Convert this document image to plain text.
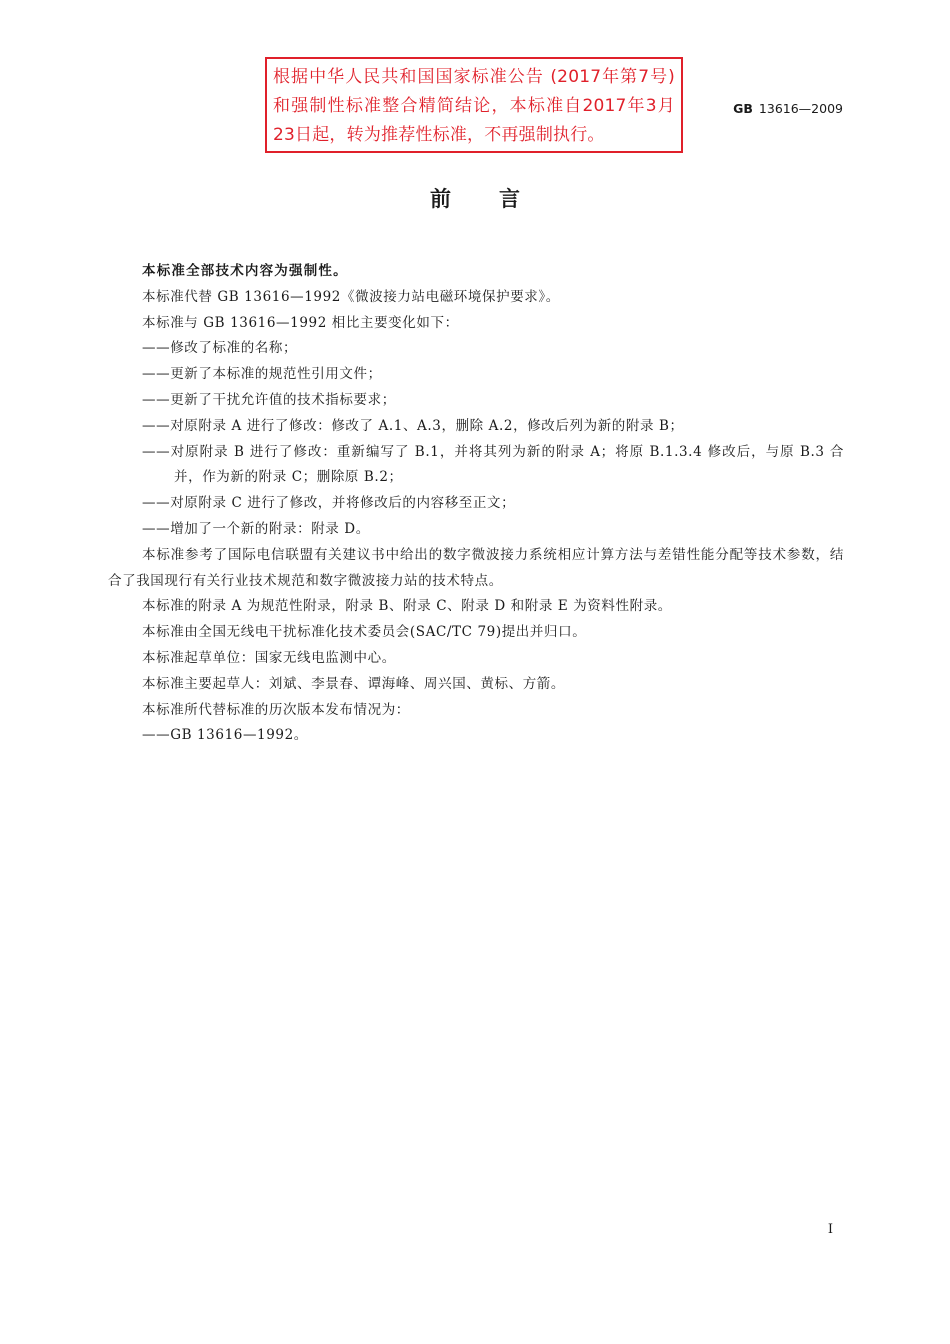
根据中华人民共和国国家标准公告 (2017年第7号) 和强制性标准整合精简结论，本标准自2017年3月23日起，转为推荐性标准，不再强制执行。
GB 13616—2009
前言

本标准全部技术内容为强制性。

本标准代替 GB 13616—1992《微波接力站电磁环境保护要求》。

本标准与 GB 13616—1992 相比主要变化如下：

——修改了标准的名称；

——更新了本标准的规范性引用文件；

——更新了干扰允许值的技术指标要求；

——对原附录 A 进行了修改：修改了 A.1、A.3，删除 A.2，修改后列为新的附录 B；

——对原附录 B 进行了修改：重新编写了 B.1，并将其列为新的附录 A；将原 B.1.3.4 修改后，与原 B.3 合并，作为新的附录 C；删除原 B.2；

——对原附录 C 进行了修改，并将修改后的内容移至正文；

——增加了一个新的附录：附录 D。

本标准参考了国际电信联盟有关建议书中给出的数字微波接力系统相应计算方法与差错性能分配等技术参数，结合了我国现行有关行业技术规范和数字微波接力站的技术特点。

本标准的附录 A 为规范性附录，附录 B、附录 C、附录 D 和附录 E 为资料性附录。

本标准由全国无线电干扰标准化技术委员会(SAC/TC 79)提出并归口。

本标准起草单位：国家无线电监测中心。

本标准主要起草人：刘斌、李景春、谭海峰、周兴国、黄标、方箭。

本标准所代替标准的历次版本发布情况为：

——GB 13616—1992。

I
